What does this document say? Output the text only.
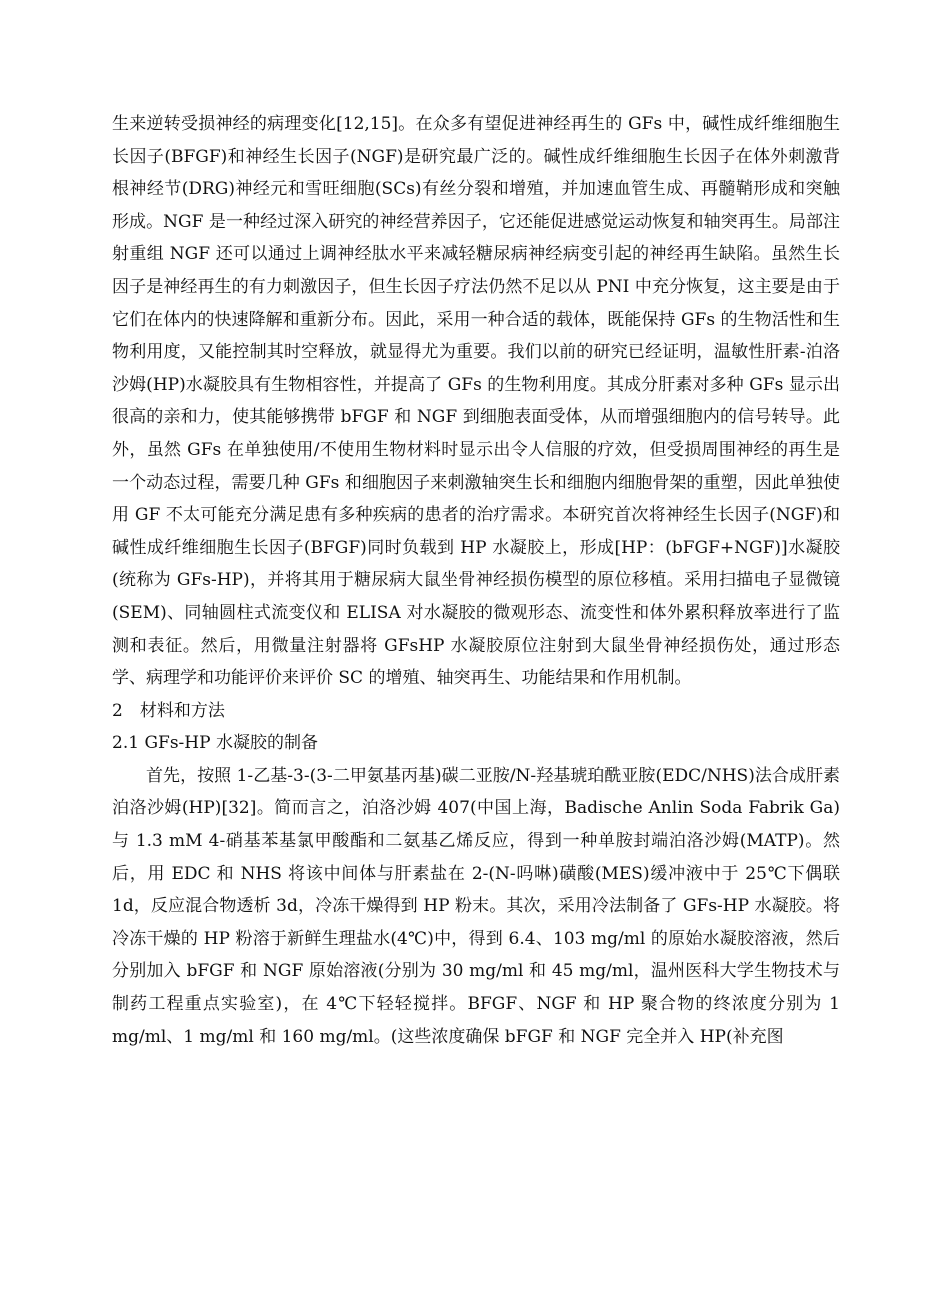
生来逆转受损神经的病理变化[12,15]。在众多有望促进神经再生的 GFs 中，碱性成纤维细胞生长因子(BFGF)和神经生长因子(NGF)是研究最广泛的。碱性成纤维细胞生长因子在体外刺激背根神经节(DRG)神经元和雪旺细胞(SCs)有丝分裂和增殖，并加速血管生成、再髓鞘形成和突触形成。NGF 是一种经过深入研究的神经营养因子，它还能促进感觉运动恢复和轴突再生。局部注射重组 NGF 还可以通过上调神经肽水平来减轻糖尿病神经病变引起的神经再生缺陷。虽然生长因子是神经再生的有力刺激因子，但生长因子疗法仍然不足以从 PNI 中充分恢复，这主要是由于它们在体内的快速降解和重新分布。因此，采用一种合适的载体，既能保持 GFs 的生物活性和生物利用度，又能控制其时空释放，就显得尤为重要。我们以前的研究已经证明，温敏性肝素-泊洛沙姆(HP)水凝胶具有生物相容性，并提高了 GFs 的生物利用度。其成分肝素对多种 GFs 显示出很高的亲和力，使其能够携带 bFGF 和 NGF 到细胞表面受体，从而增强细胞内的信号转导。此外，虽然 GFs 在单独使用/不使用生物材料时显示出令人信服的疗效，但受损周围神经的再生是一个动态过程，需要几种 GFs 和细胞因子来刺激轴突生长和细胞内细胞骨架的重塑，因此单独使用 GF 不太可能充分满足患有多种疾病的患者的治疗需求。本研究首次将神经生长因子(NGF)和碱性成纤维细胞生长因子(BFGF)同时负载到 HP 水凝胶上，形成[HP：(bFGF+NGF)]水凝胶(统称为 GFs-HP)，并将其用于糖尿病大鼠坐骨神经损伤模型的原位移植。采用扫描电子显微镜(SEM)、同轴圆柱式流变仪和 ELISA 对水凝胶的微观形态、流变性和体外累积释放率进行了监测和表征。然后，用微量注射器将 GFsHP 水凝胶原位注射到大鼠坐骨神经损伤处，通过形态学、病理学和功能评价来评价 SC 的增殖、轴突再生、功能结果和作用机制。

2　材料和方法

2.1 GFs-HP 水凝胶的制备

首先，按照 1-乙基-3-(3-二甲氨基丙基)碳二亚胺/N-羟基琥珀酰亚胺(EDC/NHS)法合成肝素泊洛沙姆(HP)[32]。简而言之，泊洛沙姆 407(中国上海，Badische Anlin Soda Fabrik Ga)与 1.3 mM 4-硝基苯基氯甲酸酯和二氨基乙烯反应，得到一种单胺封端泊洛沙姆(MATP)。然后，用 EDC 和 NHS 将该中间体与肝素盐在 2-(N-吗啉)磺酸(MES)缓冲液中于 25℃下偶联 1d，反应混合物透析 3d，冷冻干燥得到 HP 粉末。其次，采用冷法制备了 GFs-HP 水凝胶。将冷冻干燥的 HP 粉溶于新鲜生理盐水(4℃)中，得到 6.4、103 mg/ml 的原始水凝胶溶液，然后分别加入 bFGF 和 NGF 原始溶液(分别为 30 mg/ml 和 45 mg/ml，温州医科大学生物技术与制药工程重点实验室)，在 4℃下轻轻搅拌。BFGF、NGF 和 HP 聚合物的终浓度分别为 1 mg/ml、1 mg/ml 和 160 mg/ml。(这些浓度确保 bFGF 和 NGF 完全并入 HP(补充图
